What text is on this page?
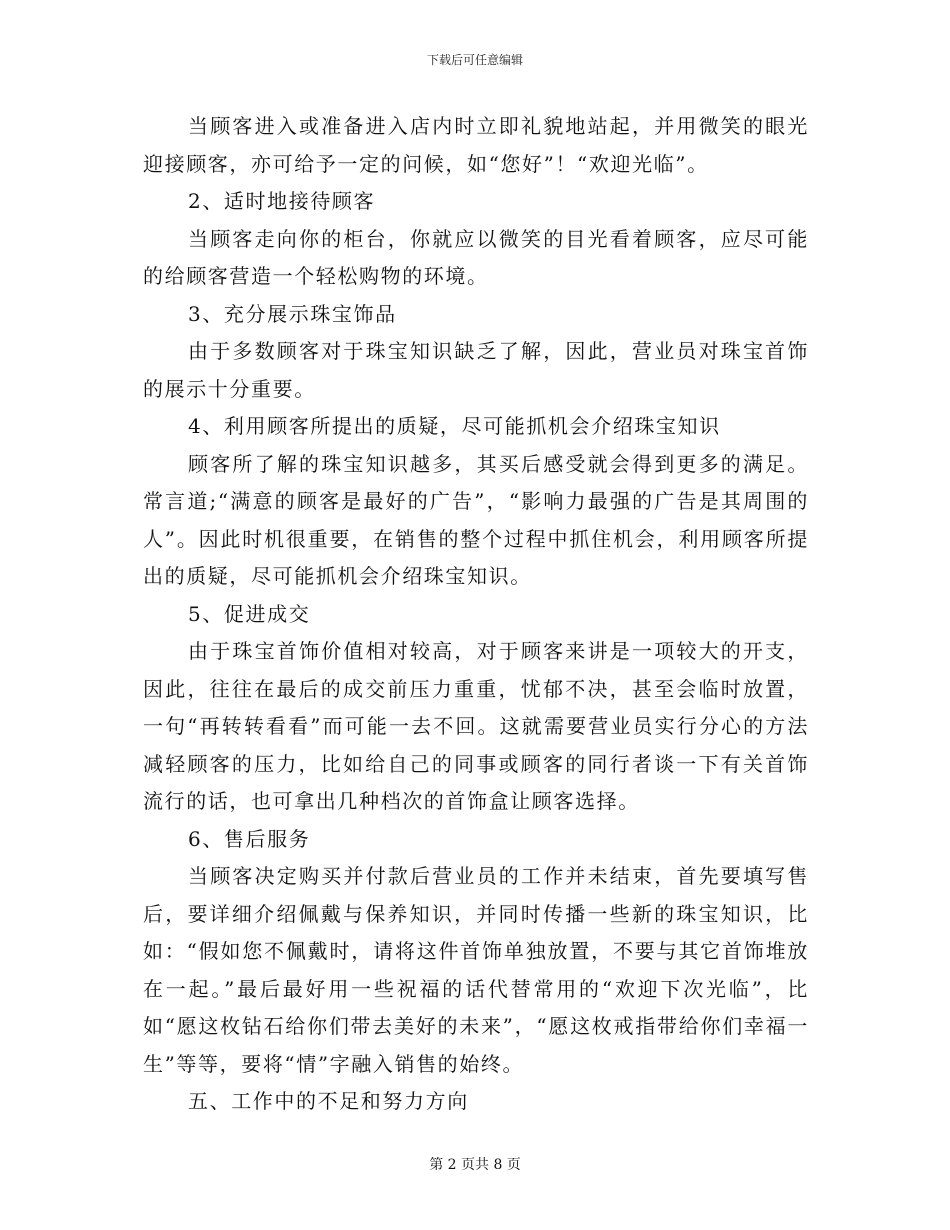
下载后可任意编辑

当顾客进入或准备进入店内时立即礼貌地站起，并用微笑的眼光迎接顾客，亦可给予一定的问候，如“您好”！“欢迎光临”。

2、适时地接待顾客

当顾客走向你的柜台，你就应以微笑的目光看着顾客，应尽可能的给顾客营造一个轻松购物的环境。

3、充分展示珠宝饰品

由于多数顾客对于珠宝知识缺乏了解，因此，营业员对珠宝首饰的展示十分重要。

4、利用顾客所提出的质疑，尽可能抓机会介绍珠宝知识

顾客所了解的珠宝知识越多，其买后感受就会得到更多的满足。常言道;“满意的顾客是最好的广告”，“影响力最强的广告是其周围的人”。因此时机很重要，在销售的整个过程中抓住机会，利用顾客所提出的质疑，尽可能抓机会介绍珠宝知识。

5、促进成交

由于珠宝首饰价值相对较高，对于顾客来讲是一项较大的开支，因此，往往在最后的成交前压力重重，忧郁不决，甚至会临时放置，一句“再转转看看”而可能一去不回。这就需要营业员实行分心的方法减轻顾客的压力，比如给自己的同事或顾客的同行者谈一下有关首饰流行的话，也可拿出几种档次的首饰盒让顾客选择。

6、售后服务

当顾客决定购买并付款后营业员的工作并未结束，首先要填写售后，要详细介绍佩戴与保养知识，并同时传播一些新的珠宝知识，比如：“假如您不佩戴时，请将这件首饰单独放置，不要与其它首饰堆放在一起。”最后最好用一些祝福的话代替常用的“欢迎下次光临”，比如“愿这枚钻石给你们带去美好的未来”，“愿这枚戒指带给你们幸福一生”等等，要将“情”字融入销售的始终。

五、工作中的不足和努力方向

第 2 页共 8 页
